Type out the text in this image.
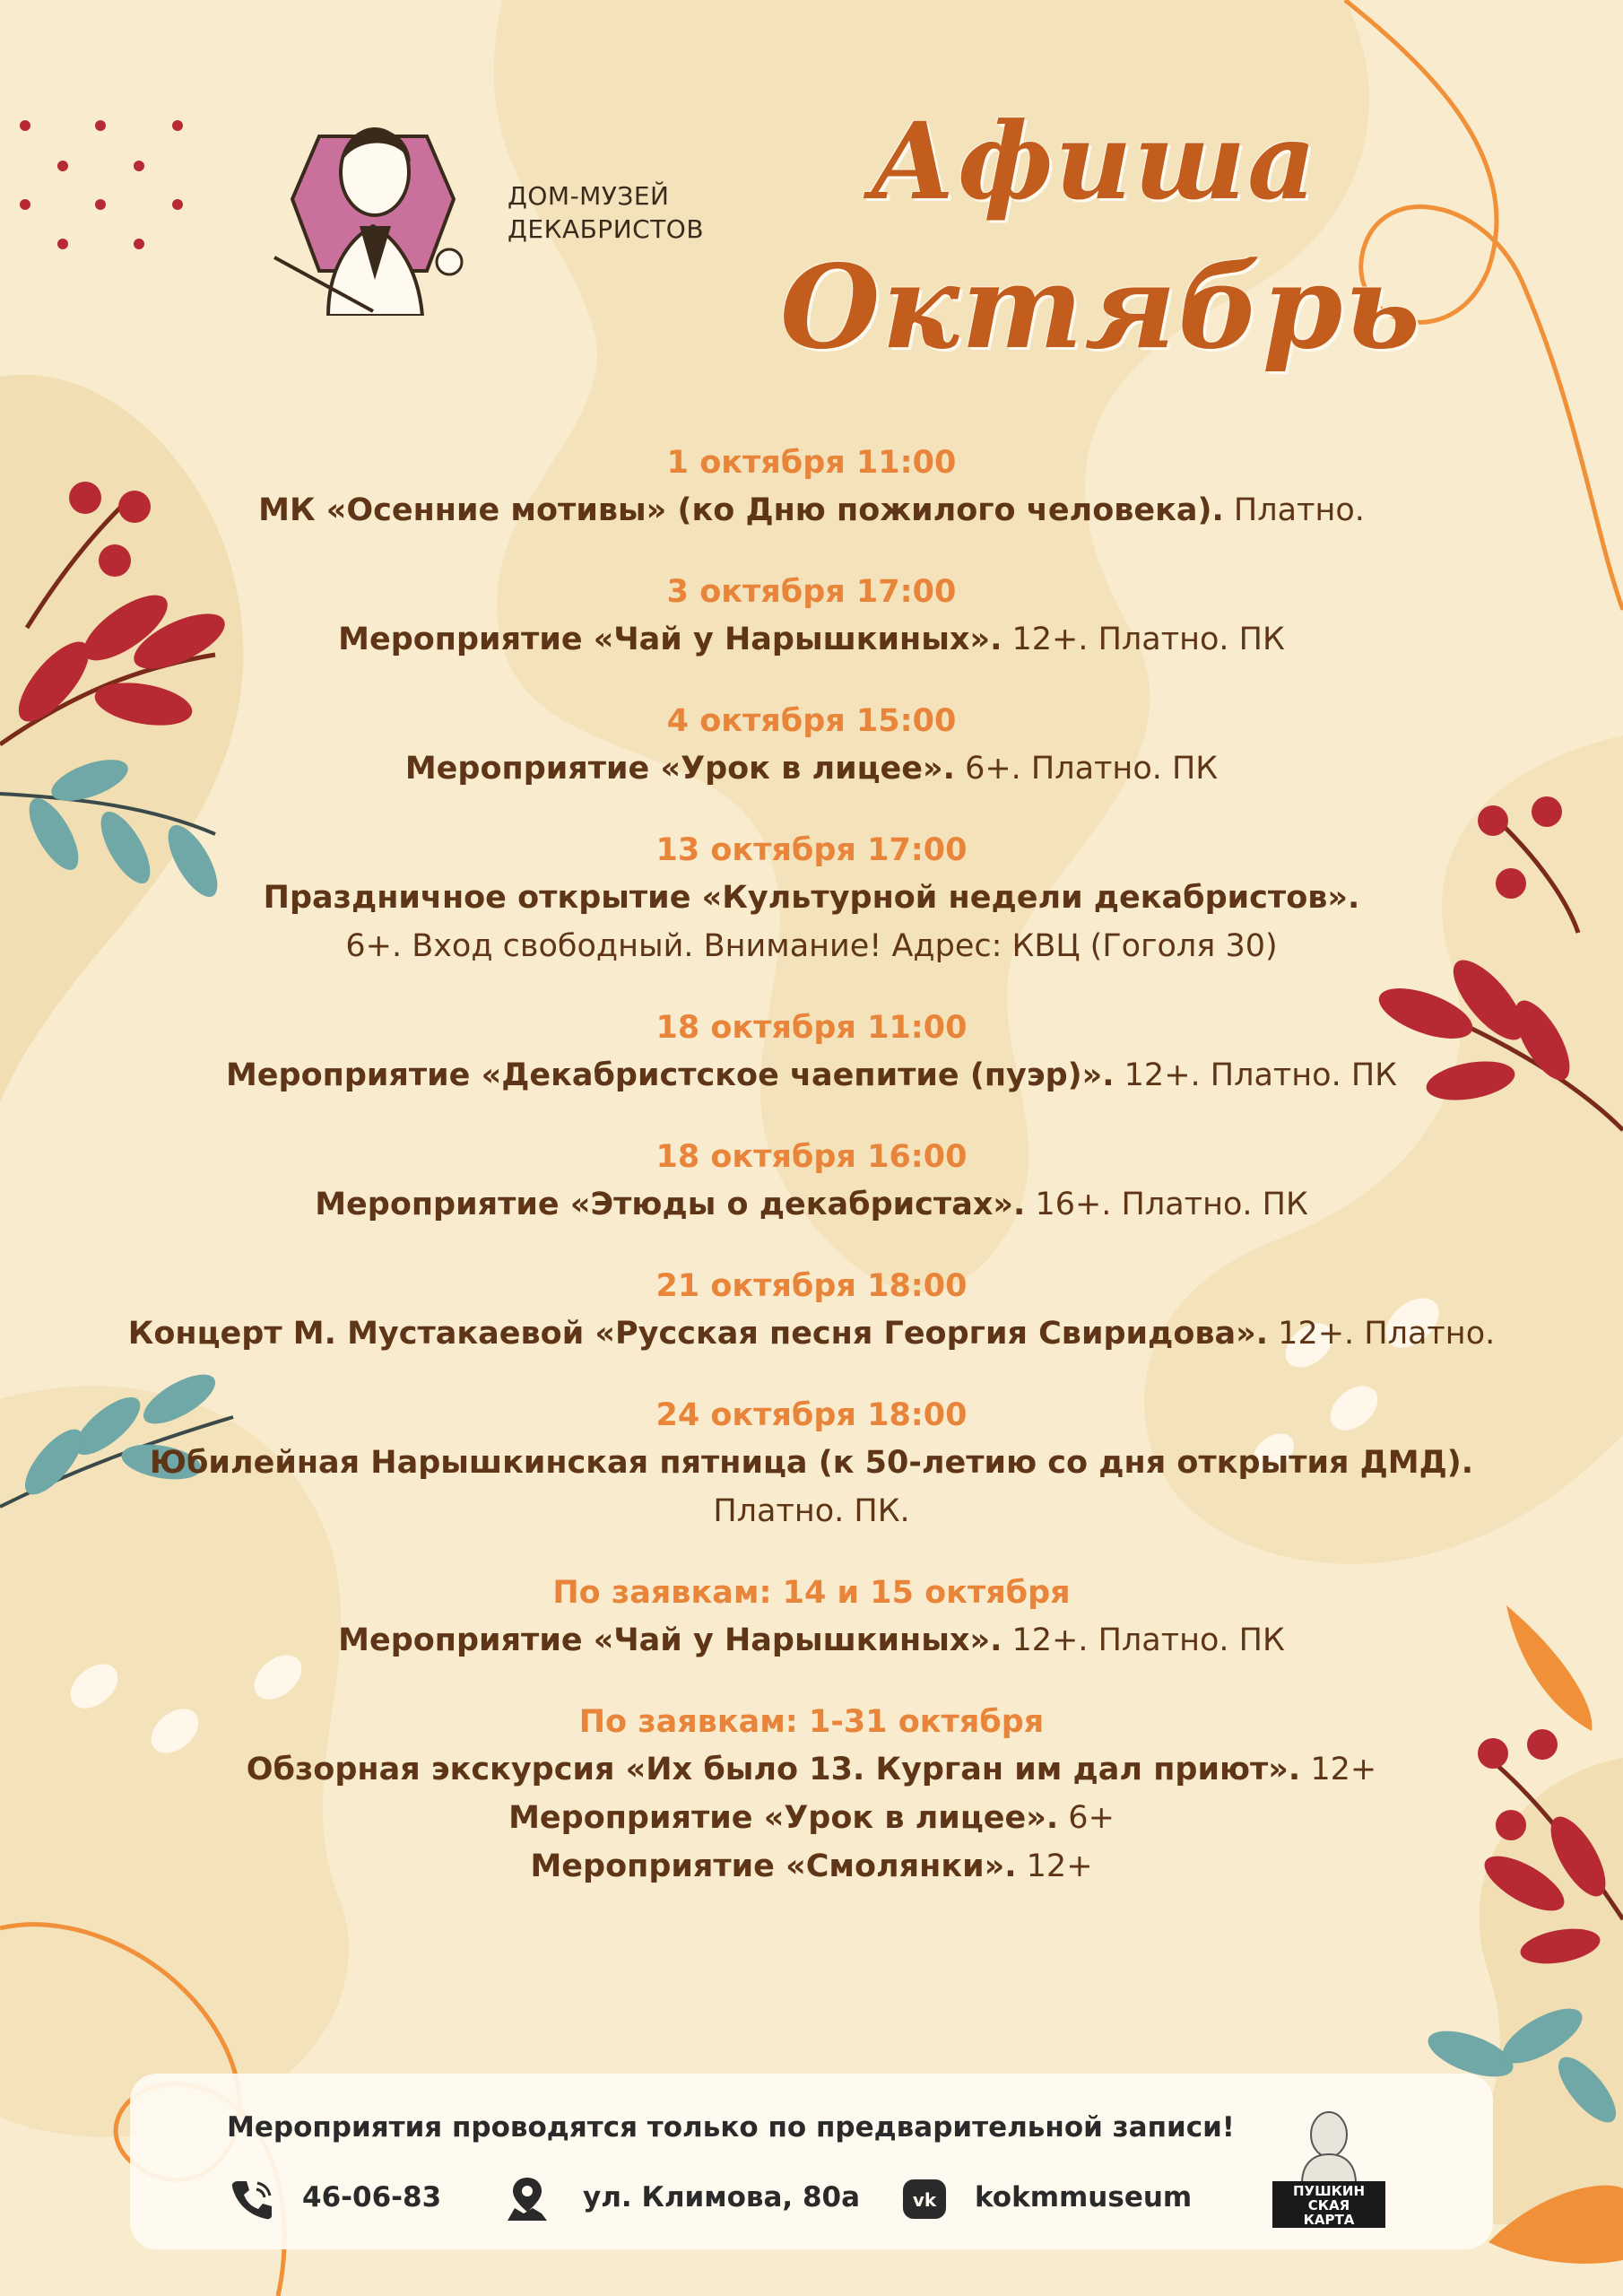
ДОМ-МУЗЕЙ
ДЕКАБРИСТОВ
Афиша
Октябрь
1 октября 11:00
МК «Осенние мотивы» (ко Дню пожилого человека). Платно.
3 октября 17:00
Мероприятие «Чай у Нарышкиных». 12+. Платно. ПК
4 октября 15:00
Мероприятие «Урок в лицее». 6+. Платно. ПК
13 октября 17:00
Праздничное открытие «Культурной недели декабристов».
6+. Вход свободный. Внимание! Адрес: КВЦ (Гоголя 30)
18 октября 11:00
Мероприятие «Декабристское чаепитие (пуэр)». 12+. Платно. ПК
18 октября 16:00
Мероприятие «Этюды о декабристах». 16+. Платно. ПК
21 октября 18:00
Концерт М. Мустакаевой «Русская песня Георгия Свиридова». 12+. Платно.
24 октября 18:00
Юбилейная Нарышкинская пятница (к 50-летию со дня открытия ДМД).
Платно. ПК.
По заявкам: 14 и 15 октября
Мероприятие «Чай у Нарышкиных». 12+. Платно. ПК
По заявкам: 1-31 октября
Обзорная экскурсия «Их было 13. Курган им дал приют». 12+
Мероприятие «Урок в лицее». 6+
Мероприятие «Смолянки». 12+
Мероприятия проводятся только по предварительной записи!
46-06-83	ул. Климова, 80а	vk kokmmuseum	ПУШКИН
СКАЯ
КАРТА
